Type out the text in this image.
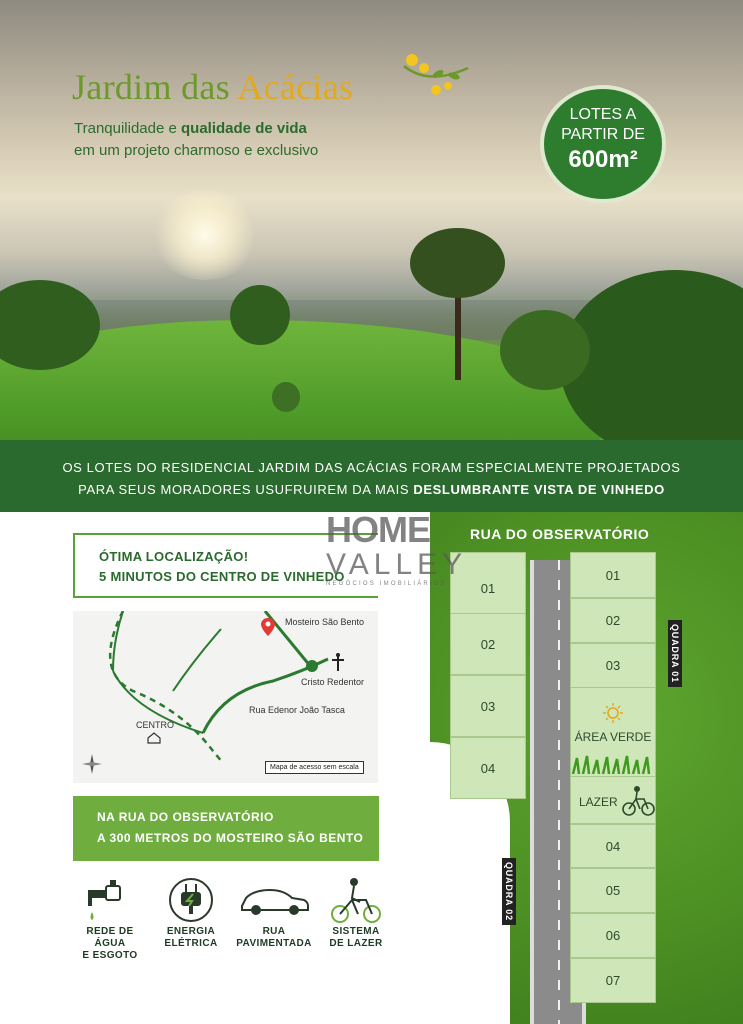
Jardim das Acácias
Tranquilidade e qualidade de vida
em um projeto charmoso e exclusivo
LOTES A
PARTIR DE
600m²
OS LOTES DO RESIDENCIAL JARDIM DAS ACÁCIAS FORAM ESPECIALMENTE PROJETADOS
PARA SEUS MORADORES USUFRUIREM DA MAIS DESLUMBRANTE VISTA DE VINHEDO
ÓTIMA LOCALIZAÇÃO!
5 MINUTOS DO CENTRO DE VINHEDO
Mosteiro São Bento
Cristo Redentor
Rua Edenor João Tasca
CENTRO
Mapa de acesso sem escala
NA RUA DO OBSERVATÓRIO
A 300 METROS DO MOSTEIRO SÃO BENTO
REDE DE ÁGUA
E ESGOTO
ENERGIA
ELÉTRICA
RUA
PAVIMENTADA
SISTEMA
DE LAZER
RUA DO OBSERVATÓRIO
01
02
03
04
01
02
03
ÁREA VERDE
LAZER
04
05
06
07
QUADRA 01
QUADRA 02
HOME
VALLEY
NEGÓCIOS IMOBILIÁRIOS
